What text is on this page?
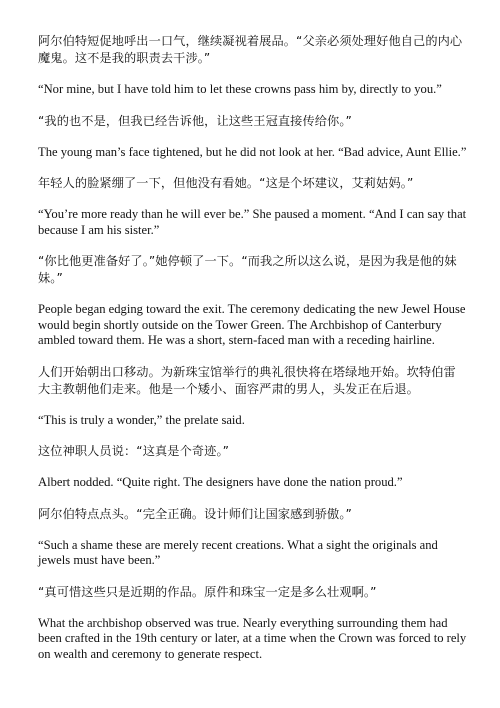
阿尔伯特短促地呼出一口气，继续凝视着展品。“父亲必须处理好他自己的内心魔鬼。这不是我的职责去干涉。”

“Nor mine, but I have told him to let these crowns pass him by, directly to you.”

“我的也不是，但我已经告诉他，让这些王冠直接传给你。”

The young man’s face tightened, but he did not look at her. “Bad advice, Aunt Ellie.”

年轻人的脸紧绷了一下，但他没有看她。“这是个坏建议，艾莉姑妈。”

“You’re more ready than he will ever be.” She paused a moment. “And I can say that because I am his sister.”

“你比他更准备好了。”她停顿了一下。“而我之所以这么说，是因为我是他的妹妹。”

People began edging toward the exit. The ceremony dedicating the new Jewel House would begin shortly outside on the Tower Green. The Archbishop of Canterbury ambled toward them. He was a short, stern-faced man with a receding hairline.

人们开始朝出口移动。为新珠宝馆举行的典礼很快将在塔绿地开始。坎特伯雷大主教朝他们走来。他是一个矮小、面容严肃的男人，头发正在后退。

“This is truly a wonder,” the prelate said.

这位神职人员说：“这真是个奇迹。”

Albert nodded. “Quite right. The designers have done the nation proud.”

阿尔伯特点点头。“完全正确。设计师们让国家感到骄傲。”

“Such a shame these are merely recent creations. What a sight the originals and jewels must have been.”

“真可惜这些只是近期的作品。原件和珠宝一定是多么壮观啊。”

What the archbishop observed was true. Nearly everything surrounding them had been crafted in the 19th century or later, at a time when the Crown was forced to rely on wealth and ceremony to generate respect.
